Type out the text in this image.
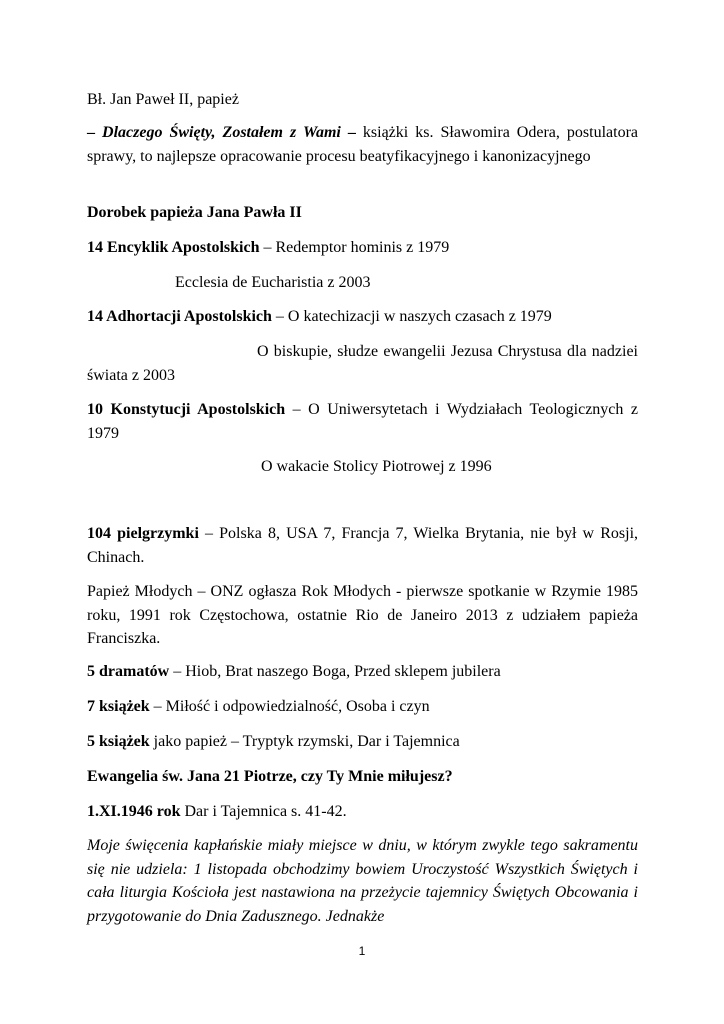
Bł. Jan Paweł II, papież

– Dlaczego Święty, Zostałem z Wami – książki ks. Sławomira Odera, postulatora sprawy, to najlepsze opracowanie procesu beatyfikacyjnego i kanonizacyjnego

Dorobek papieża Jana Pawła II

14 Encyklik Apostolskich – Redemptor hominis z 1979

Ecclesia de Eucharistia z 2003

14 Adhortacji Apostolskich – O katechizacji w naszych czasach z 1979

O biskupie, słudze ewangelii Jezusa Chrystusa dla nadziei świata z 2003

10 Konstytucji Apostolskich – O Uniwersytetach i Wydziałach Teologicznych z 1979

O wakacie Stolicy Piotrowej z 1996

104 pielgrzymki – Polska 8, USA 7, Francja 7, Wielka Brytania, nie był w Rosji, Chinach.

Papież Młodych – ONZ ogłasza Rok Młodych - pierwsze spotkanie w Rzymie 1985 roku, 1991 rok Częstochowa, ostatnie Rio de Janeiro 2013 z udziałem papieża Franciszka.

5 dramatów – Hiob, Brat naszego Boga, Przed sklepem jubilera

7 książek – Miłość i odpowiedzialność, Osoba i czyn

5 książek jako papież – Tryptyk rzymski, Dar i Tajemnica

Ewangelia św. Jana 21 Piotrze, czy Ty Mnie miłujesz?

1.XI.1946 rok Dar i Tajemnica s. 41-42.

Moje święcenia kapłańskie miały miejsce w dniu, w którym zwykle tego sakramentu się nie udziela: 1 listopada obchodzimy bowiem Uroczystość Wszystkich Świętych i cała liturgia Kościoła jest nastawiona na przeżycie tajemnicy Świętych Obcowania i przygotowanie do Dnia Zadusznego. Jednakże

1
